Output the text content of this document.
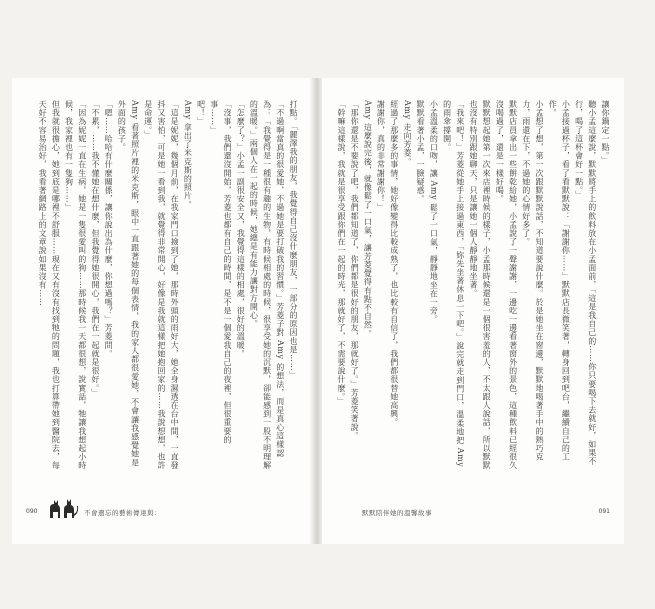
打點。「麗澤我的朋友，我覺得自己沒什麼朋友，一部分的原因也是……」

「不過啊當真的很愛她，不過她是要打破我的習慣。」芳菱子對 Amy 的想法，而是真心這樣認為：「我覺得是一種很有趣的生物，有時候相處的時候，很享受她的沉默，卻能感到一股不明理解的溫暖。」兩個人在一起的時候，她總是有能力讓對方開心。

「怎麼了？」小孟一副很安全又，我覺得這樣的相處，很好的溫暖。

「沒事，我們還沒開始，芳菱也都有自己的時間，是不是一個愛我自己的夜裡，但很重要的事……」

吧！」

Amy 拿出了米克斯的照片。

「這是妮妮，幾個月前，在我家門口撿到了她，那時外頭的雨好大，她全身濕透在台中間，一直發抖又害怕，可是她一看到我，就覺得非常開心，好像是我就這樣把她抱回家的……我說想想，也許是命運。」

Amy 看著照片裡的米克斯，眼中一直跟著她的每個表情，我的家人都很愛她，不會讓我感覺她是外面的孩子。

「嗯……哈哈有什麼關係，讓你說出為什麼，你想過嗎？」芳菱問。

「不累，……我不懂她在想什麼，但我覺得她很開心，我們在一起就是很好。」

「因為妮妮一直在生病，她是一隻很愛叫的狗……那時候我一天都很想，說實話，牠讓我想起小時候，我家裡也有一隻狗……」

但我就很擔心，她到底是哪裡不舒服……現在又有沒有找到牠的問題，我也打算帶她到醫院去，每天好不容易治好，我看著網路上的文章說如果沒有……

090	不會遺忘的藝術傳達與：

讓你鍋定一點。」

聽小孟這麼說，默默將手上的飲料放在小孟面前，「這是我自己的……你只要喝下去就好，如果不行，喝了這杯會好一點。」

小孟接過杯子，看了看默默說：「謝謝你……」默默店長微笑著，轉身回到吧台，繼續自己的工作。

小孟想了想，第一次跟默默說話，不知道要說什麼。於是她坐在窗邊，默默地喝著手中的熱巧克力，雨還在下，不過她的心情好多了。

默默店員拿出一些餅乾給她，小孟說了一聲謝謝，一邊吃一邊看著窗外的景色，這種飲料已經很久沒喝過了，還是一樣好喝。

默默想起她第一次來店裡時候的樣子，小孟那時候還是一個很害羞的人，不太跟人說話，所以默默也沒有特別跟她聊天，只是讓她一個人靜靜地坐著。

「我來吧！」芳菱從她手上接過東西，「妳先坐著休息一下吧。」說完就走到門口，溫柔地把 Amy 的雨傘撐開。

小孟溫柔的口吻，讓 Amy 鬆了一口氣，靜靜地坐在一旁。

默默看著小孟，一臉疑惑。

Amy 走向芳菱。

經過了那麼多的事情，她好像變得比較成熟了，也比較有自信了，我們都很替她高興。

謝謝你，真的非常謝謝你！」

Amy 這麼說完後，就像鬆了一口氣，讓芳菱覺得有點不自然。

「那你還是不要說了吧，我們都知道了，你們都是很好的朋友，那就好了。」芳菱笑著說。

「幹嘛這樣說，我就是很享受跟你們在一起的時光，那就好了，不需要說什麼。」

默默陪伴她的溫馨故事	091
